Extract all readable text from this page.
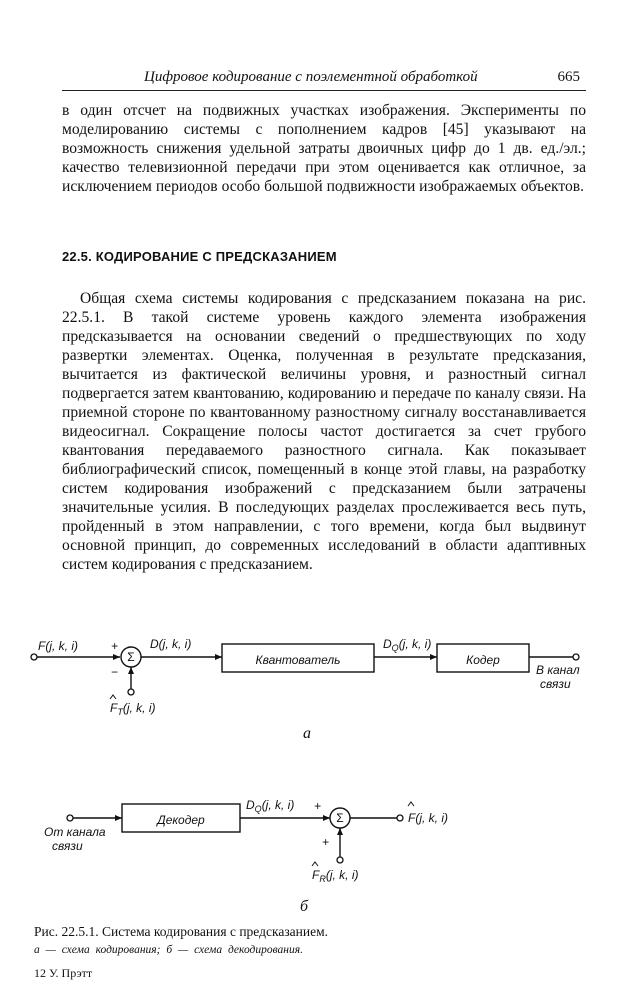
Цифровое кодирование с поэлементной обработкой	665

в один отсчет на подвижных участках изображения. Эксперименты по моделированию системы с пополнением кадров [45] указывают на возможность снижения удельной затраты двоичных цифр до 1 дв. ед./эл.; качество телевизионной передачи при этом оценивается как отличное, за исключением периодов особо большой подвижности изображаемых объектов.

22.5. КОДИРОВАНИЕ С ПРЕДСКАЗАНИЕМ

Общая схема системы кодирования с предсказанием показана на рис. 22.5.1. В такой системе уровень каждого элемента изображения предсказывается на основании сведений о предшествующих по ходу развертки элементах. Оценка, полученная в результате предсказания, вычитается из фактической величины уровня, и разностный сигнал подвергается затем квантованию, кодированию и передаче по каналу связи. На приемной стороне по квантованному разностному сигналу восстанавливается видеосигнал. Сокращение полосы частот достигается за счет грубого квантования передаваемого разностного сигнала. Как показывает библиографический список, помещенный в конце этой главы, на разработку систем кодирования изображений с предсказанием были затрачены значительные усилия. В последующих разделах прослеживается весь путь, пройденный в этом направлении, с того времени, когда был выдвинут основной принцип, до современных исследований в области адаптивных систем кодирования с предсказанием.

F(j, k, i)	+
−
Σ
D(j, k, i)
Квантователь
$D_Q(j$, k, i)
Кодер
В канал
связи
$F_T(j$, k, i)
а
От канала
связи
Декодер
$D_Q(j$, k, i) +
Σ	F(j, k, i)
+
$F_R(j$, k, i)
б
Рис. 22.5.1. Система кодирования с предсказанием.
а — схема кодирования; б — схема декодирования.
12 У. Прэтт
